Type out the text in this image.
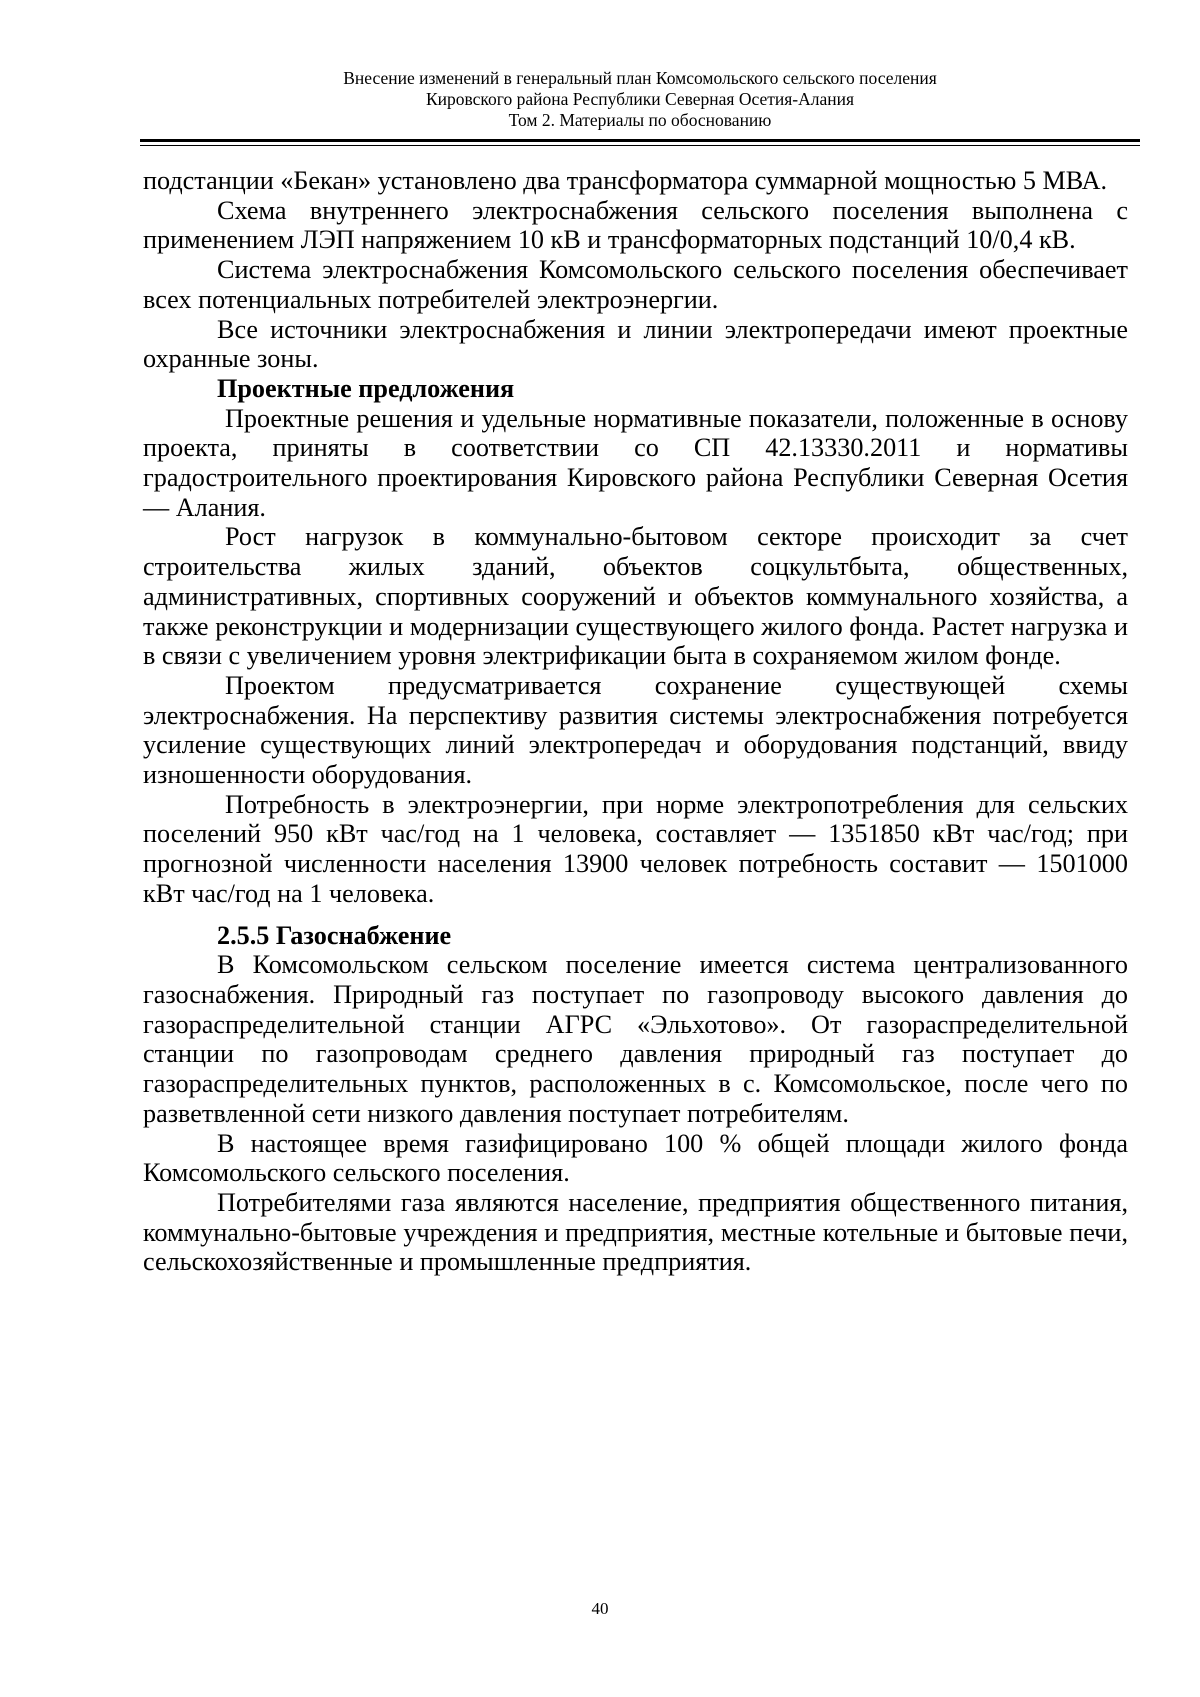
Внесение изменений в генеральный план Комсомольского сельского поселения
Кировского района Республики Северная Осетия-Алания
Том 2. Материалы по обоснованию

подстанции «Бекан» установлено два трансформатора суммарной мощностью 5 МВА.

Схема внутреннего электроснабжения сельского поселения выполнена с применением ЛЭП напряжением 10 кВ и трансформаторных подстанций 10/0,4 кВ.

Система электроснабжения Комсомольского сельского поселения обеспечивает всех потенциальных потребителей электроэнергии.

Все источники электроснабжения и линии электропередачи имеют проектные охранные зоны.

Проектные предложения

Проектные решения и удельные нормативные показатели, положенные в основу проекта, приняты в соответствии со СП 42.13330.2011 и нормативы градостроительного проектирования Кировского района Республики Северная Осетия — Алания.

Рост нагрузок в коммунально-бытовом секторе происходит за счет строительства жилых зданий, объектов соцкультбыта, общественных, административных, спортивных сооружений и объектов коммунального хозяйства, а также реконструкции и модернизации существующего жилого фонда. Растет нагрузка и в связи с увеличением уровня электрификации быта в сохраняемом жилом фонде.

Проектом предусматривается сохранение существующей схемы электроснабжения. На перспективу развития системы электроснабжения потребуется усиление существующих линий электропередач и оборудования подстанций, ввиду изношенности оборудования.

Потребность в электроэнергии, при норме электропотребления для сельских поселений 950 кВт час/год на 1 человека, составляет — 1351850 кВт час/год; при прогнозной численности населения 13900 человек потребность составит — 1501000 кВт час/год на 1 человека.

2.5.5 Газоснабжение

В Комсомольском сельском поселение имеется система централизованного газоснабжения. Природный газ поступает по газопроводу высокого давления до газораспределительной станции АГРС «Эльхотово». От газораспределительной станции по газопроводам среднего давления природный газ поступает до газораспределительных пунктов, расположенных в с. Комсомольское, после чего по разветвленной сети низкого давления поступает потребителям.

В настоящее время газифицировано 100 % общей площади жилого фонда Комсомольского сельского поселения.

Потребителями газа являются население, предприятия общественного питания, коммунально-бытовые учреждения и предприятия, местные котельные и бытовые печи, сельскохозяйственные и промышленные предприятия.

40
